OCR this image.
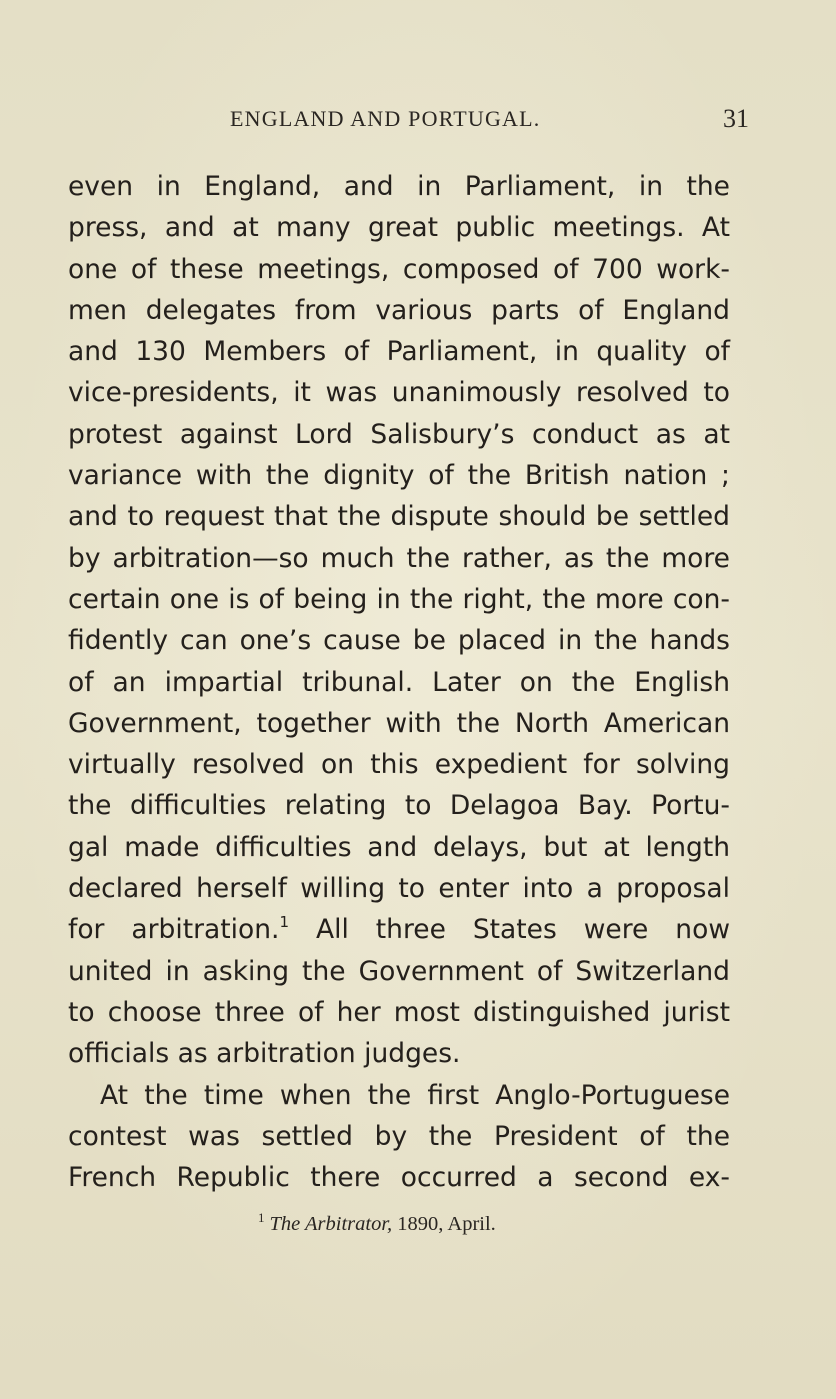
ENGLAND AND PORTUGAL.	31
even in England, and in Parliament, in the
press, and at many great public meetings. At
one of these meetings, composed of 700 work-
men delegates from various parts of England
and 130 Members of Parliament, in quality of
vice-presidents, it was unanimously resolved to
protest against Lord Salisbury’s conduct as at
variance with the dignity of the British nation ;
and to request that the dispute should be settled
by arbitration—so much the rather, as the more
certain one is of being in the right, the more con-
fidently can one’s cause be placed in the hands
of an impartial tribunal. Later on the English
Government, together with the North American
virtually resolved on this expedient for solving
the difficulties relating to Delagoa Bay. Portu-
gal made difficulties and delays, but at length
declared herself willing to enter into a proposal
for arbitration.$^1$ All three States were now
united in asking the Government of Switzerland
to choose three of her most distinguished jurist
officials as arbitration judges.
At the time when the first Anglo-Portuguese
contest was settled by the President of the
French Republic there occurred a second ex-
$^1$ The Arbitrator, 1890, April.
